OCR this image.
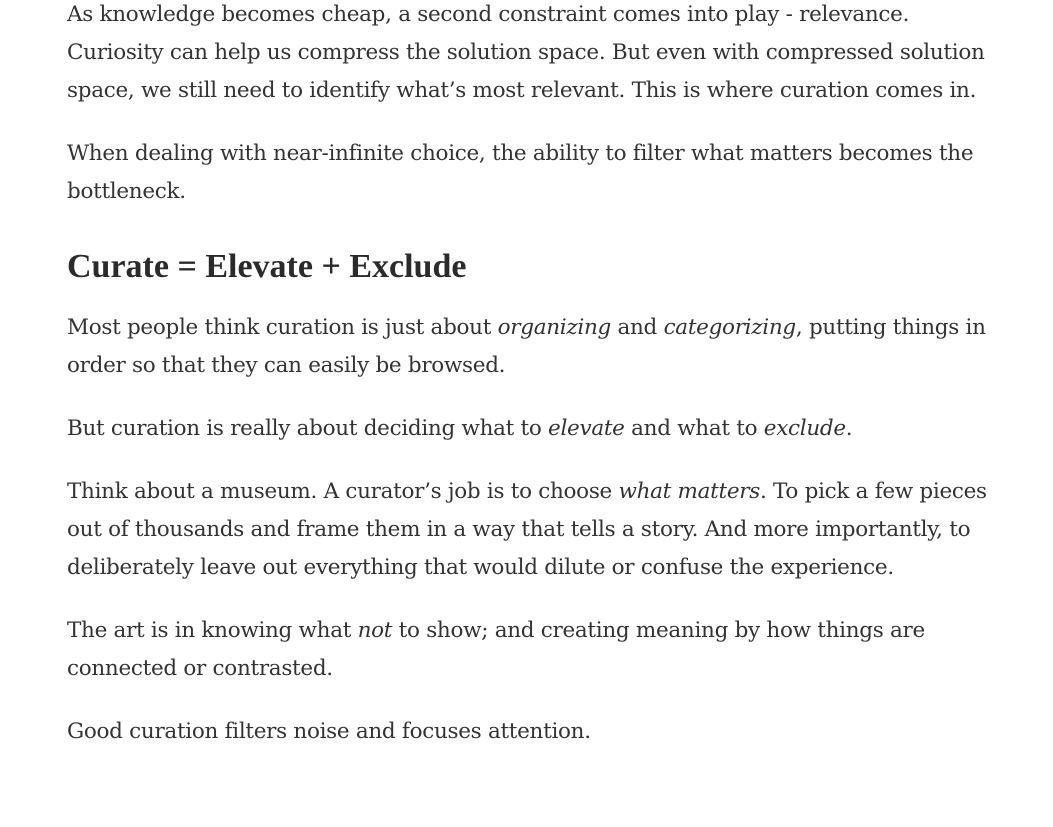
As knowledge becomes cheap, a second constraint comes into play - relevance. Curiosity can help us compress the solution space. But even with compressed solution space, we still need to identify what’s most relevant. This is where curation comes in.

When dealing with near-infinite choice, the ability to filter what matters becomes the bottleneck.

Curate = Elevate + Exclude

Most people think curation is just about organizing and categorizing, putting things in order so that they can easily be browsed.

But curation is really about deciding what to elevate and what to exclude.

Think about a museum. A curator’s job is to choose what matters. To pick a few pieces out of thousands and frame them in a way that tells a story. And more importantly, to deliberately leave out everything that would dilute or confuse the experience.

The art is in knowing what not to show; and creating meaning by how things are connected or contrasted.

Good curation filters noise and focuses attention.
